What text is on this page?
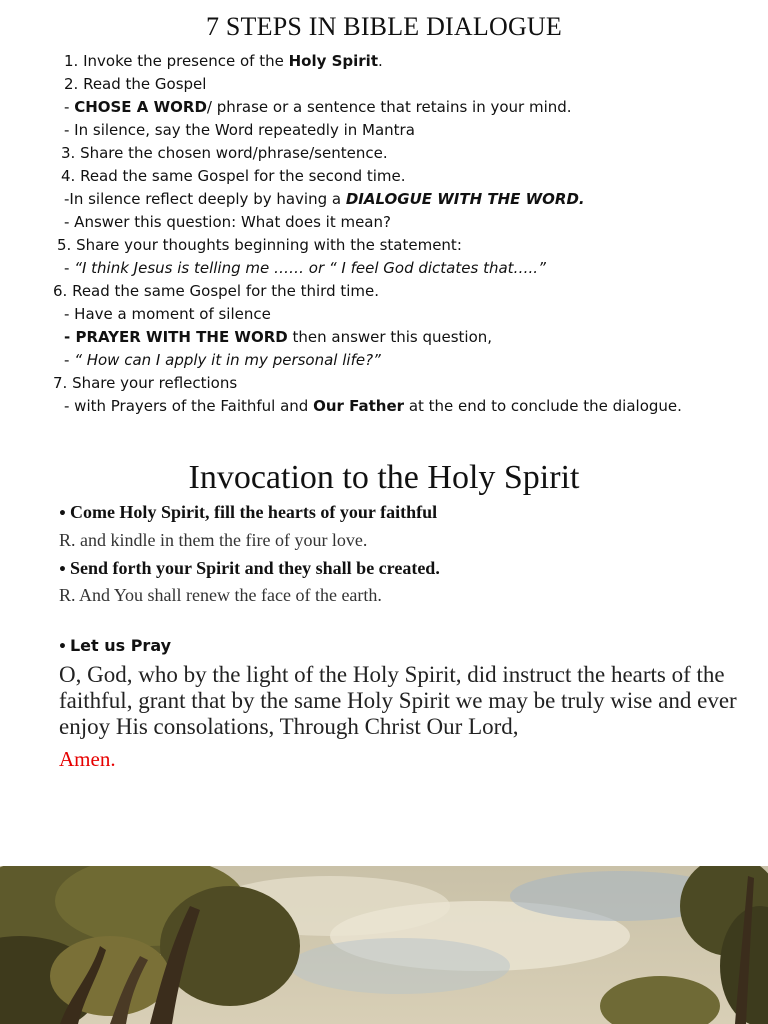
7 STEPS IN BIBLE DIALOGUE
1. Invoke the presence of the Holy Spirit.
2. Read the Gospel
- CHOSE A WORD/ phrase or a sentence that retains in your mind.
- In silence, say the Word repeatedly in Mantra
3. Share the chosen word/phrase/sentence.
4. Read the same Gospel for the second time.
-In silence reflect deeply by having a DIALOGUE WITH THE WORD.
- Answer this question: What does it mean?
5. Share your thoughts beginning with the statement:
- “I think Jesus is telling me …… or “ I feel God dictates that…..”
6. Read the same Gospel for the third time.
- Have a moment of silence
- PRAYER WITH THE WORD then answer this question,
- “ How can I apply it in my personal life?”
7. Share your reflections
- with Prayers of the Faithful and Our Father at the end to conclude the dialogue.
Invocation to the Holy Spirit
• Come Holy Spirit, fill the hearts of your faithful
R. and kindle in them the fire of your love.
• Send forth your Spirit and they shall be created.
R. And You shall renew the face of the earth.
• Let us Pray
O, God, who by the light of the Holy Spirit, did instruct the hearts of the faithful, grant that by the same Holy Spirit we may be truly wise and ever enjoy His consolations, Through Christ Our Lord,
Amen.
